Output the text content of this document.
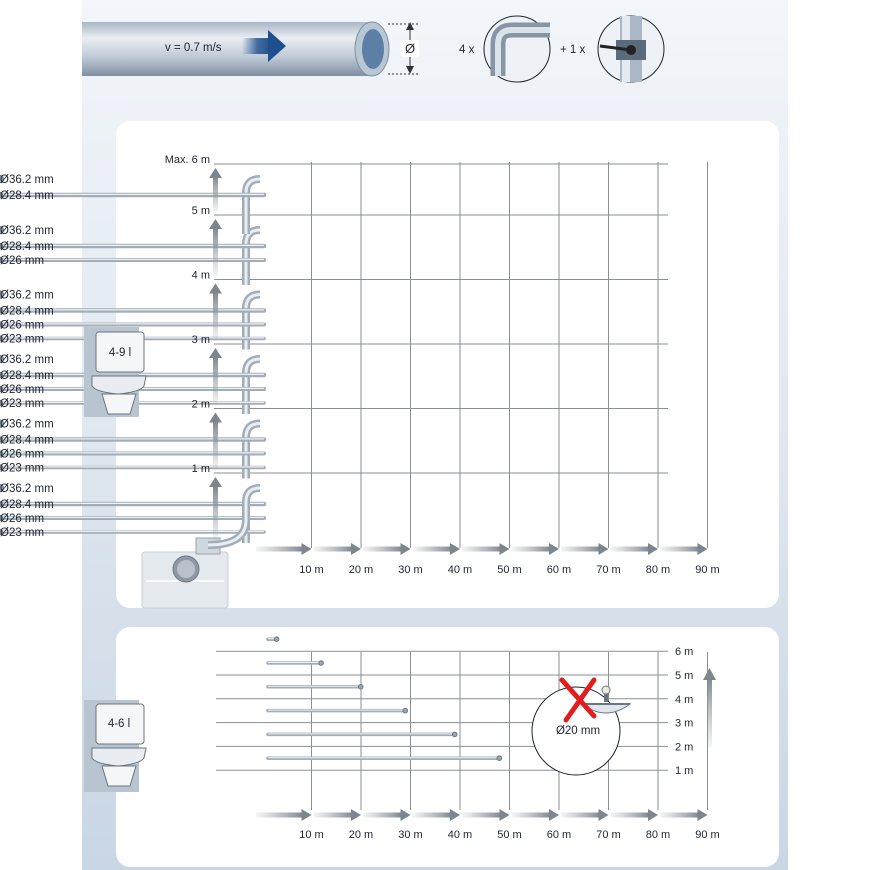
v = 0.7 m/s	Ø	4 x	+ 1 x
1 m
2 m
3 m
4 m
5 m
Max. 6 m
10 m 20 m 30 m 40 m 50 m 60 m 70 m 80 m 90 m
Ø36.2 mm
Ø28.4 mm
Ø26 mm
Ø23 mm
Ø36.2 mm
Ø28.4 mm
Ø26 mm
Ø23 mm
Ø36.2 mm
Ø28.4 mm
Ø26 mm
Ø23 mm
Ø36.2 mm
Ø28.4 mm
Ø26 mm
Ø23 mm
Ø36.2 mm
Ø28.4 mm
Ø26 mm
Ø36.2 mm
Ø28.4 mm
4-9 l
1 m
2 m
3 m
4 m
5 m
6 m
10 m 20 m 30 m 40 m 50 m 60 m 70 m 80 m 90 m
Ø20 mm
4-6 l
